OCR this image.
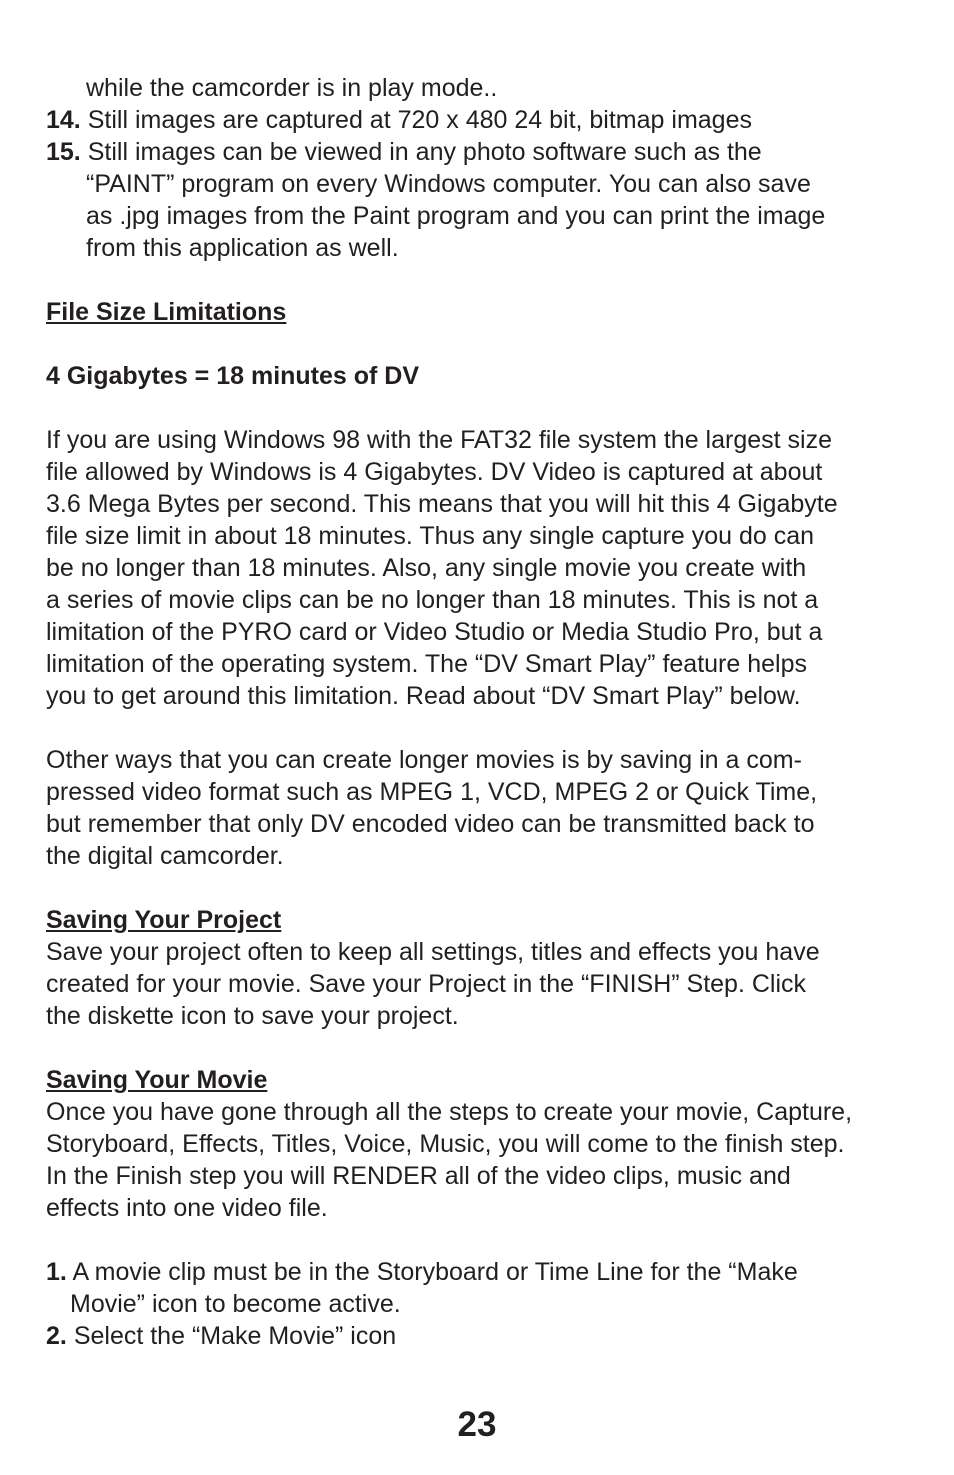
while the camcorder is in play mode..
14. Still images are captured at 720 x 480 24 bit, bitmap images
15. Still images can be viewed in any photo software such as the
“PAINT” program on every Windows computer. You can also save
as .jpg images from the Paint program and you can print the image
from this application as well.
File Size Limitations
4 Gigabytes = 18 minutes of DV
If you are using Windows 98 with the FAT32 file system the largest size
file allowed by Windows is 4 Gigabytes. DV Video is captured at about
3.6 Mega Bytes per second. This means that you will hit this 4 Gigabyte
file size limit in about 18 minutes. Thus any single capture you do can
be no longer than 18 minutes. Also, any single movie you create with
a series of movie clips can be no longer than 18 minutes. This is not a
limitation of the PYRO card or Video Studio or Media Studio Pro, but a
limitation of the operating system. The “DV Smart Play” feature helps
you to get around this limitation. Read about “DV Smart Play” below.
Other ways that you can create longer movies is by saving in a com-
pressed video format such as MPEG 1, VCD, MPEG 2 or Quick Time,
but remember that only DV encoded video can be transmitted back to
the digital camcorder.
Saving Your Project
Save your project often to keep all settings, titles and effects you have
created for your movie. Save your Project in the “FINISH” Step. Click
the diskette icon to save your project.
Saving Your Movie
Once you have gone through all the steps to create your movie, Capture,
Storyboard, Effects, Titles, Voice, Music, you will come to the finish step.
In the Finish step you will RENDER all of the video clips, music and
effects into one video file.
1. A movie clip must be in the Storyboard or Time Line for the “Make
Movie” icon to become active.
2. Select the “Make Movie” icon
23
